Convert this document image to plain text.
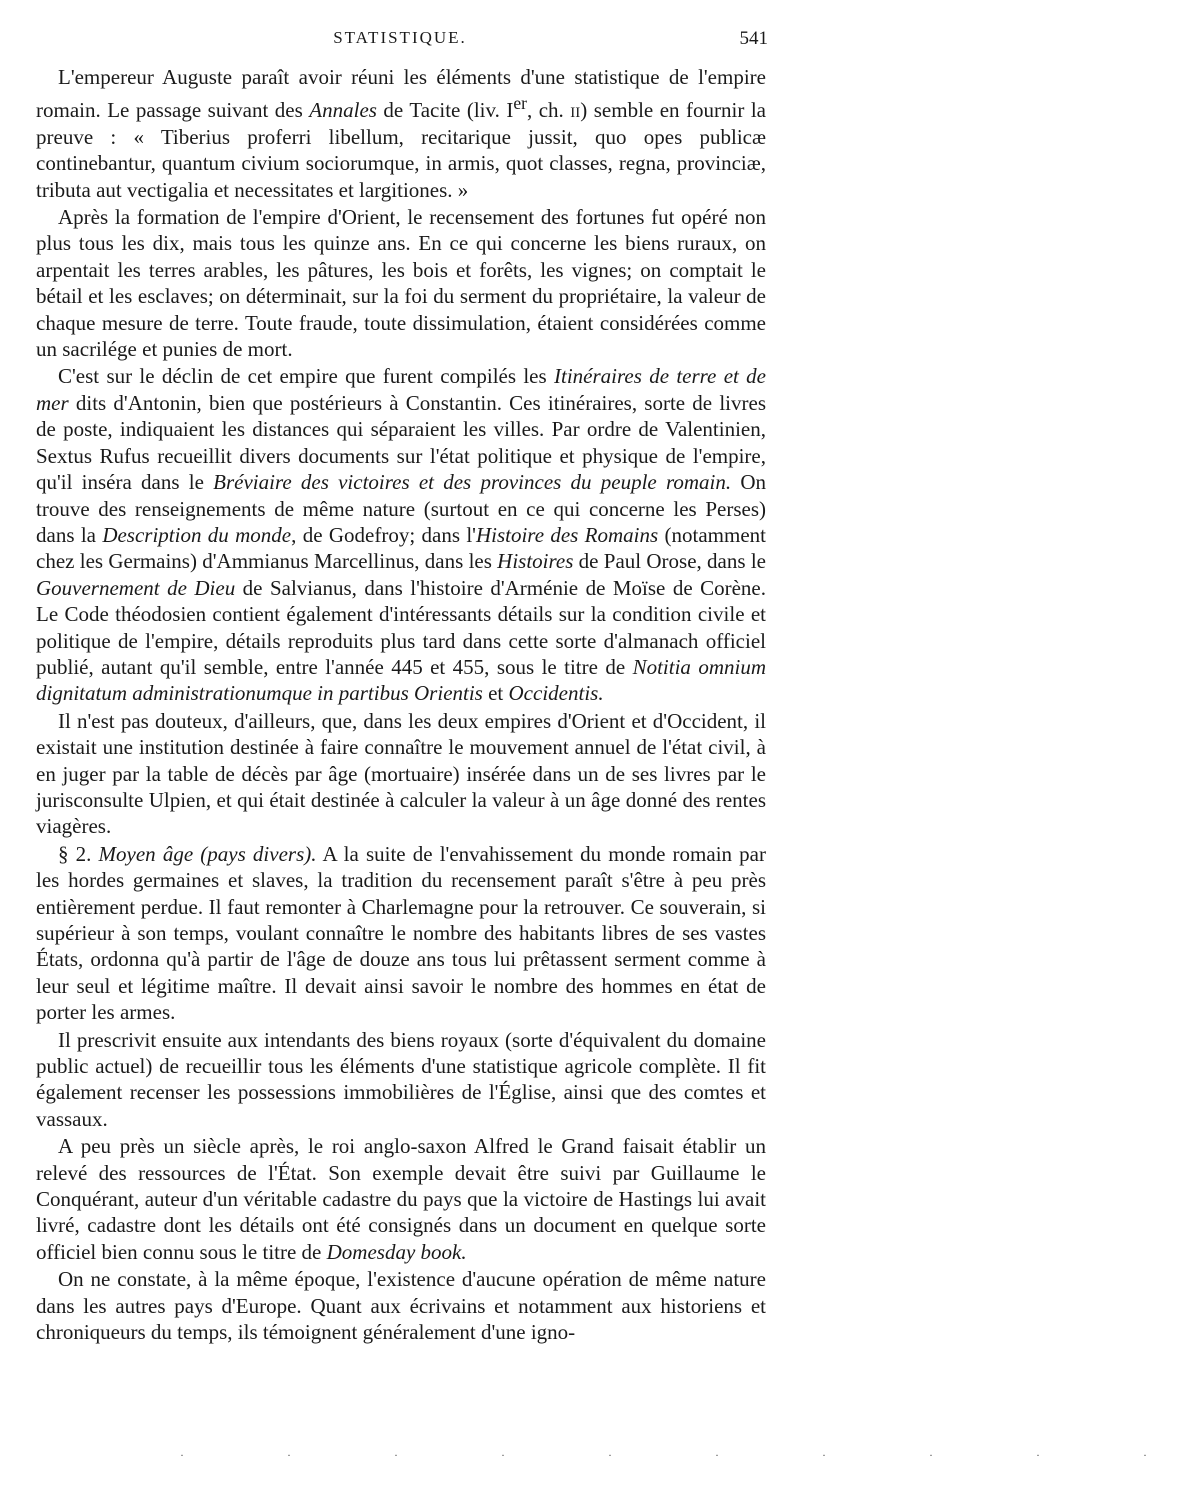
STATISTIQUE.	541

L'empereur Auguste paraît avoir réuni les éléments d'une statistique de l'empire romain. Le passage suivant des Annales de Tacite (liv. Ier, ch. ii) semble en fournir la preuve : « Tiberius proferri libellum, recitarique jussit, quo opes publicæ continebantur, quantum civium sociorumque, in armis, quot classes, regna, provinciæ, tributa aut vectigalia et necessitates et largitiones. »

Après la formation de l'empire d'Orient, le recensement des fortunes fut opéré non plus tous les dix, mais tous les quinze ans. En ce qui concerne les biens ruraux, on arpentait les terres arables, les pâtures, les bois et forêts, les vignes; on comptait le bétail et les esclaves; on déterminait, sur la foi du serment du propriétaire, la valeur de chaque mesure de terre. Toute fraude, toute dissimulation, étaient considérées comme un sacrilége et punies de mort.

C'est sur le déclin de cet empire que furent compilés les Itinéraires de terre et de mer dits d'Antonin, bien que postérieurs à Constantin. Ces itinéraires, sorte de livres de poste, indiquaient les distances qui séparaient les villes. Par ordre de Valentinien, Sextus Rufus recueillit divers documents sur l'état politique et physique de l'empire, qu'il inséra dans le Bréviaire des victoires et des provinces du peuple romain. On trouve des renseignements de même nature (surtout en ce qui concerne les Perses) dans la Description du monde, de Godefroy; dans l'Histoire des Romains (notamment chez les Germains) d'Ammianus Marcellinus, dans les Histoires de Paul Orose, dans le Gouvernement de Dieu de Salvianus, dans l'histoire d'Arménie de Moïse de Corène. Le Code théodosien contient également d'intéressants détails sur la condition civile et politique de l'empire, détails reproduits plus tard dans cette sorte d'almanach officiel publié, autant qu'il semble, entre l'année 445 et 455, sous le titre de Notitia omnium dignitatum administrationumque in partibus Orientis et Occidentis.

Il n'est pas douteux, d'ailleurs, que, dans les deux empires d'Orient et d'Occident, il existait une institution destinée à faire connaître le mouvement annuel de l'état civil, à en juger par la table de décès par âge (mortuaire) insérée dans un de ses livres par le jurisconsulte Ulpien, et qui était destinée à calculer la valeur à un âge donné des rentes viagères.

§ 2. Moyen âge (pays divers). A la suite de l'envahissement du monde romain par les hordes germaines et slaves, la tradition du recensement paraît s'être à peu près entièrement perdue. Il faut remonter à Charlemagne pour la retrouver. Ce souverain, si supérieur à son temps, voulant connaître le nombre des habitants libres de ses vastes États, ordonna qu'à partir de l'âge de douze ans tous lui prêtassent serment comme à leur seul et légitime maître. Il devait ainsi savoir le nombre des hommes en état de porter les armes.

Il prescrivit ensuite aux intendants des biens royaux (sorte d'équivalent du domaine public actuel) de recueillir tous les éléments d'une statistique agricole complète. Il fit également recenser les possessions immobilières de l'Église, ainsi que des comtes et vassaux.

A peu près un siècle après, le roi anglo-saxon Alfred le Grand faisait établir un relevé des ressources de l'État. Son exemple devait être suivi par Guillaume le Conquérant, auteur d'un véritable cadastre du pays que la victoire de Hastings lui avait livré, cadastre dont les détails ont été consignés dans un document en quelque sorte officiel bien connu sous le titre de Domesday book.

On ne constate, à la même époque, l'existence d'aucune opération de même nature dans les autres pays d'Europe. Quant aux écrivains et notamment aux historiens et chroniqueurs du temps, ils témoignent généralement d'une igno-

· · · · · · · · · ·
